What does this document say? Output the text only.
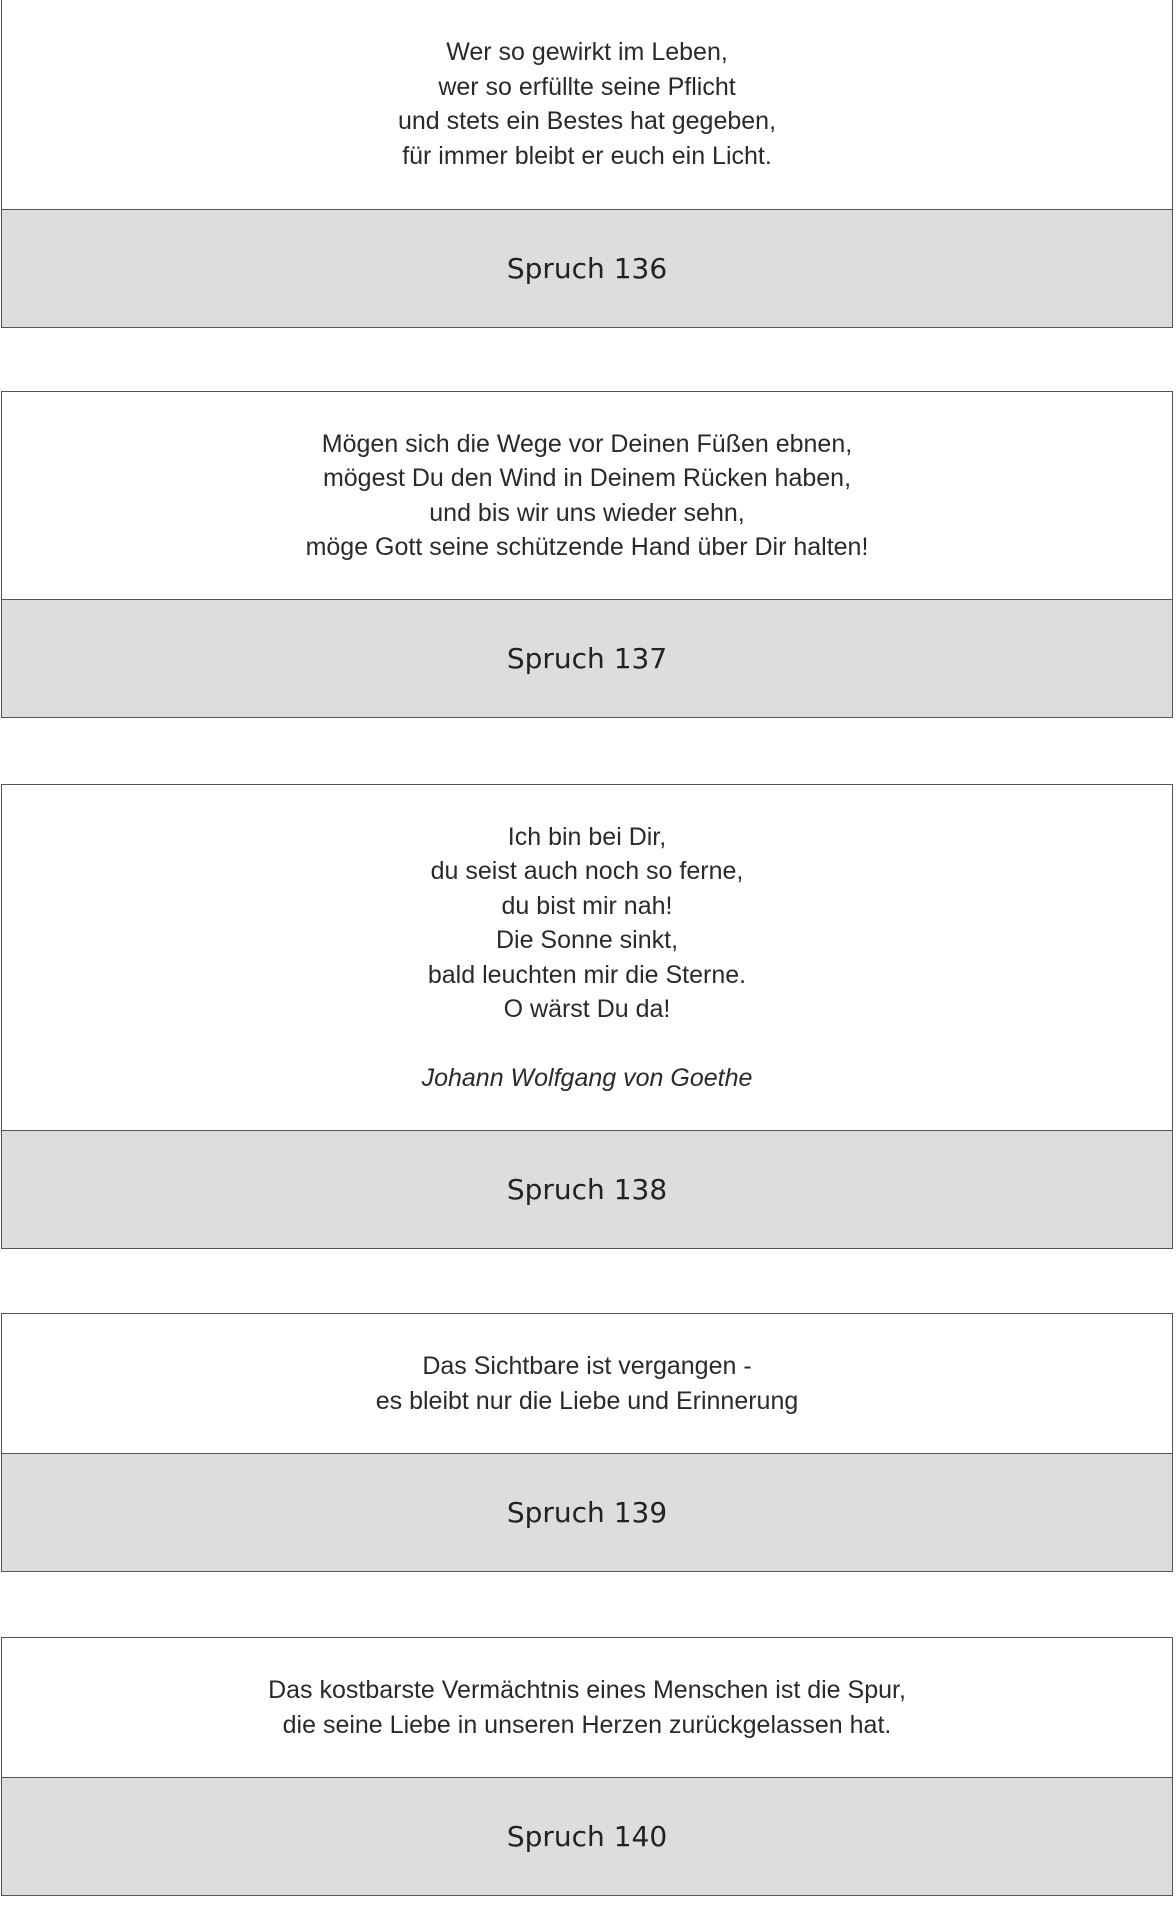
Wer so gewirkt im Leben,
wer so erfüllte seine Pflicht
und stets ein Bestes hat gegeben,
für immer bleibt er euch ein Licht.
Spruch 136
Mögen sich die Wege vor Deinen Füßen ebnen,
mögest Du den Wind in Deinem Rücken haben,
und bis wir uns wieder sehn,
möge Gott seine schützende Hand über Dir halten!
Spruch 137
Ich bin bei Dir,
du seist auch noch so ferne,
du bist mir nah!
Die Sonne sinkt,
bald leuchten mir die Sterne.
O wärst Du da!
Johann Wolfgang von Goethe
Spruch 138
Das Sichtbare ist vergangen -
es bleibt nur die Liebe und Erinnerung
Spruch 139
Das kostbarste Vermächtnis eines Menschen ist die Spur,
die seine Liebe in unseren Herzen zurückgelassen hat.
Spruch 140
